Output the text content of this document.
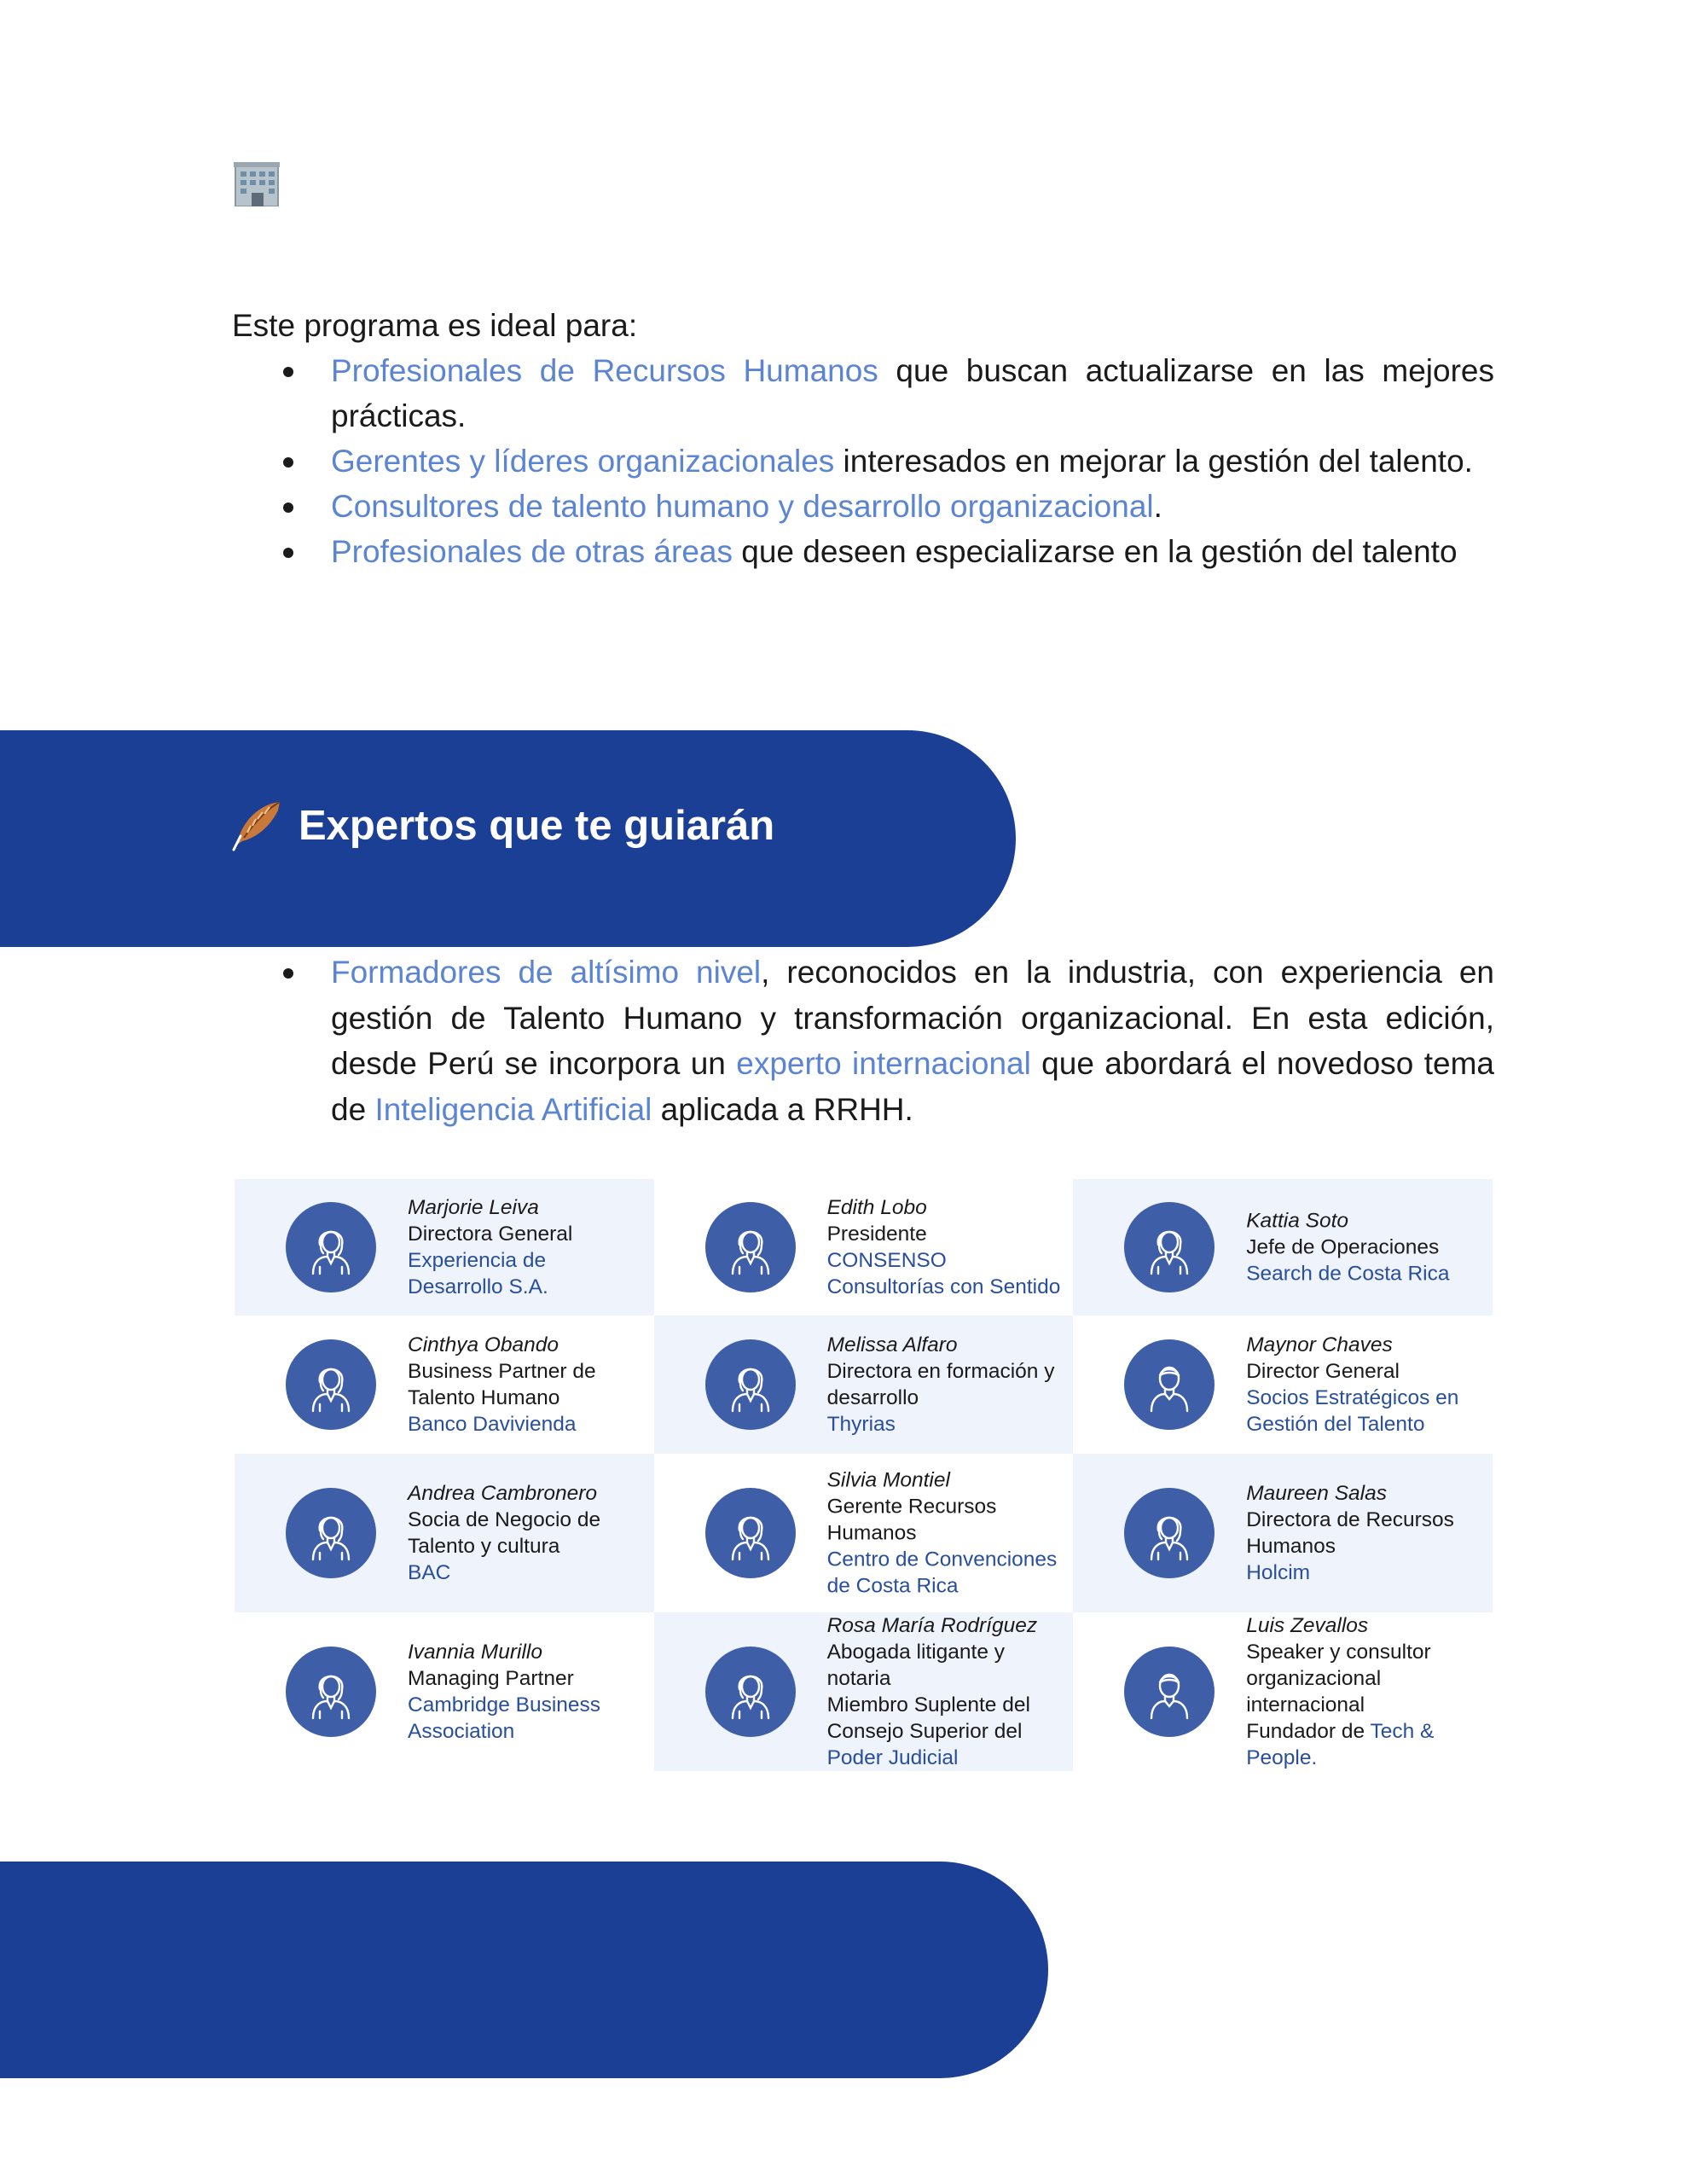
Este programa es ideal para:
Profesionales de Recursos Humanos que buscan actualizarse en las mejores prácticas.
Gerentes y líderes organizacionales interesados en mejorar la gestión del talento.
Consultores de talento humano y desarrollo organizacional.
Profesionales de otras áreas que deseen especializarse en la gestión del talento
Expertos que te guiarán
Formadores de altísimo nivel, reconocidos en la industria, con experiencia en gestión de Talento Humano y transformación organizacional. En esta edición, desde Perú se incorpora un experto internacional que abordará el novedoso tema de Inteligencia Artificial aplicada a RRHH.
Marjorie Leiva
Directora General
Experiencia de Desarrollo S.A.
Edith Lobo
Presidente
CONSENSO Consultorías con Sentido
Kattia Soto
Jefe de Operaciones
Search de Costa Rica
Cinthya Obando
Business Partner de Talento Humano
Banco Davivienda
Melissa Alfaro
Directora en formación y desarrollo
Thyrias
Maynor Chaves
Director General
Socios Estratégicos en Gestión del Talento
Andrea Cambronero
Socia de Negocio de Talento y cultura
BAC
Silvia Montiel
Gerente Recursos Humanos
Centro de Convenciones de Costa Rica
Maureen Salas
Directora de Recursos Humanos
Holcim
Ivannia Murillo
Managing Partner
Cambridge Business Association
Rosa María Rodríguez
Abogada litigante y notaria
Miembro Suplente del Consejo Superior del
Poder Judicial
Luis Zevallos
Speaker y consultor organizacional internacional
Fundador de Tech & People.
